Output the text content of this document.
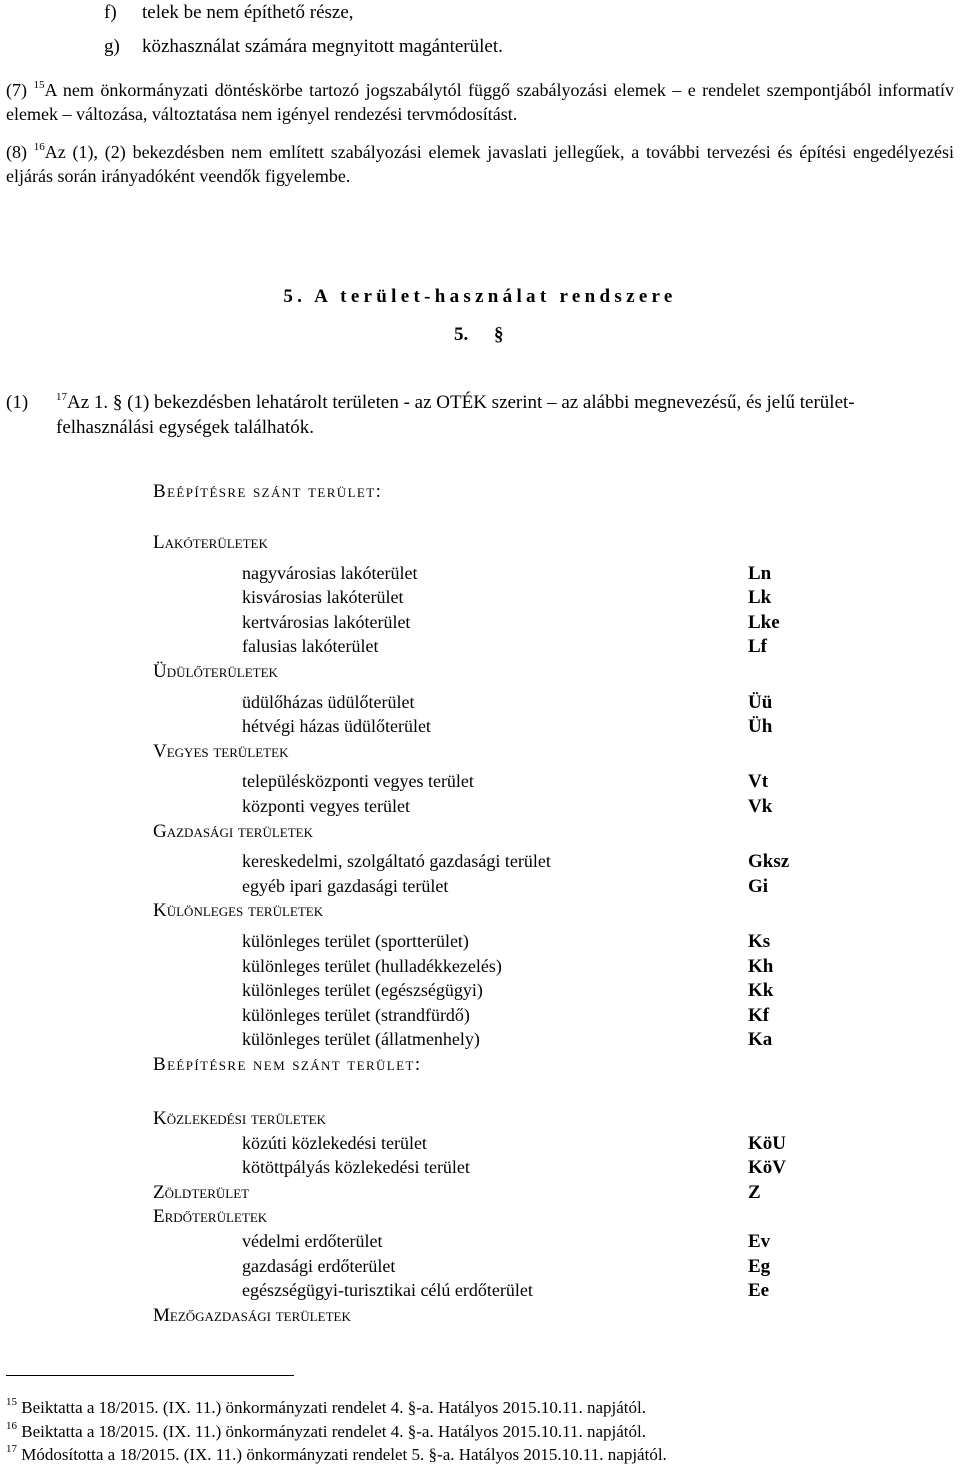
f) telek be nem építhető része,
g) közhasználat számára megnyitott magánterület.
(7) $^{15}$A nem önkormányzati döntéskörbe tartozó jogszabálytól függő szabályozási elemek – e rendelet szempontjából informatív elemek – változása, változtatása nem igényel rendezési tervmódosítást.
(8) $^{16}$Az (1), (2) bekezdésben nem említett szabályozási elemek javaslati jellegűek, a további tervezési és építési engedélyezési eljárás során irányadóként veendők figyelembe.
5. A terület-használat rendszere
5. §
(1)	$^{17}$Az 1. § (1) bekezdésben lehatárolt területen - az OTÉK szerint – az alábbi megnevezésű, és jelű terület-
felhasználási egységek találhatók.
Beépítésre szánt terület:
Lakóterületek
nagyvárosias lakóterület	Ln
kisvárosias lakóterület	Lk
kertvárosias lakóterület	Lke
falusias lakóterület	Lf
Üdülőterületek
üdülőházas üdülőterület	Üü
hétvégi házas üdülőterület	Üh
Vegyes területek
településközponti vegyes terület	Vt
központi vegyes terület	Vk
Gazdasági területek
kereskedelmi, szolgáltató gazdasági terület	Gksz
egyéb ipari gazdasági terület	Gi
Különleges területek
különleges terület (sportterület)	Ks
különleges terület (hulladékkezelés)	Kh
különleges terület (egészségügyi)	Kk
különleges terület (strandfürdő)	Kf
különleges terület (állatmenhely)	Ka
Beépítésre nem szánt terület:
Közlekedési területek
közúti közlekedési terület	KöU
kötöttpályás közlekedési terület	KöV
Zöldterület	Z
Erdőterületek
védelmi erdőterület	Ev
gazdasági erdőterület	Eg
egészségügyi-turisztikai célú erdőterület	Ee
Mezőgazdasági területek
$^{15}$ Beiktatta a 18/2015. (IX. 11.) önkormányzati rendelet 4. §-a. Hatályos 2015.10.11. napjától.
$^{16}$ Beiktatta a 18/2015. (IX. 11.) önkormányzati rendelet 4. §-a. Hatályos 2015.10.11. napjától.
$^{17}$ Módosította a 18/2015. (IX. 11.) önkormányzati rendelet 5. §-a. Hatályos 2015.10.11. napjától.
